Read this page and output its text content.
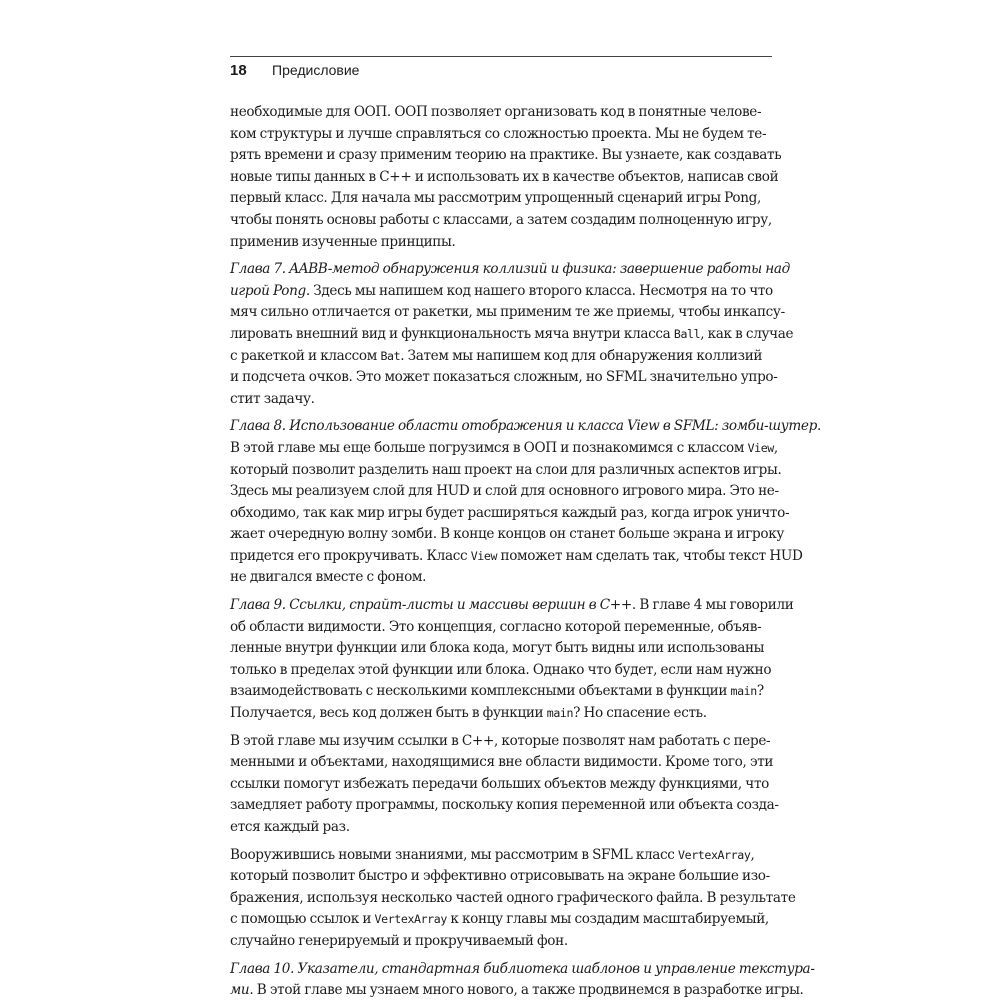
18 Предисловие
необходимые для ООП. ООП позволяет организовать код в понятные челове-
ком структуры и лучше справляться со сложностью проекта. Мы не будем те-
рять времени и сразу применим теорию на практике. Вы узнаете, как создавать
новые типы данных в С++ и использовать их в качестве объектов, написав свой
первый класс. Для начала мы рассмотрим упрощенный сценарий игры Pong,
чтобы понять основы работы с классами, а затем создадим полноценную игру,
применив изученные принципы.
Глава 7. AABB-метод обнаружения коллизий и физика: завершение работы над
игрой Pong. Здесь мы напишем код нашего второго класса. Несмотря на то что
мяч сильно отличается от ракетки, мы применим те же приемы, чтобы инкапсу-
лировать внешний вид и функциональность мяча внутри класса Ball, как в случае
с ракеткой и классом Bat. Затем мы напишем код для обнаружения коллизий
и подсчета очков. Это может показаться сложным, но SFML значительно упро-
стит задачу.
Глава 8. Использование области отображения и класса View в SFML: зомби-шутер.
В этой главе мы еще больше погрузимся в ООП и познакомимся с классом View,
который позволит разделить наш проект на слои для различных аспектов игры.
Здесь мы реализуем слой для HUD и слой для основного игрового мира. Это не-
обходимо, так как мир игры будет расширяться каждый раз, когда игрок уничто-
жает очередную волну зомби. В конце концов он станет больше экрана и игроку
придется его прокручивать. Класс View поможет нам сделать так, чтобы текст HUD
не двигался вместе с фоном.
Глава 9. Ссылки, спрайт-листы и массивы вершин в С++. В главе 4 мы говорили
об области видимости. Это концепция, согласно которой переменные, объяв-
ленные внутри функции или блока кода, могут быть видны или использованы
только в пределах этой функции или блока. Однако что будет, если нам нужно
взаимодействовать с несколькими комплексными объектами в функции main?
Получается, весь код должен быть в функции main? Но спасение есть.
В этой главе мы изучим ссылки в С++, которые позволят нам работать с пере-
менными и объектами, находящимися вне области видимости. Кроме того, эти
ссылки помогут избежать передачи больших объектов между функциями, что
замедляет работу программы, поскольку копия переменной или объекта созда-
ется каждый раз.
Вооружившись новыми знаниями, мы рассмотрим в SFML класс VertexArray,
который позволит быстро и эффективно отрисовывать на экране большие изо-
бражения, используя несколько частей одного графического файла. В результате
с помощью ссылок и VertexArray к концу главы мы создадим масштабируемый,
случайно генерируемый и прокручиваемый фон.
Глава 10. Указатели, стандартная библиотека шаблонов и управление текстура-
ми. В этой главе мы узнаем много нового, а также продвинемся в разработке игры.
